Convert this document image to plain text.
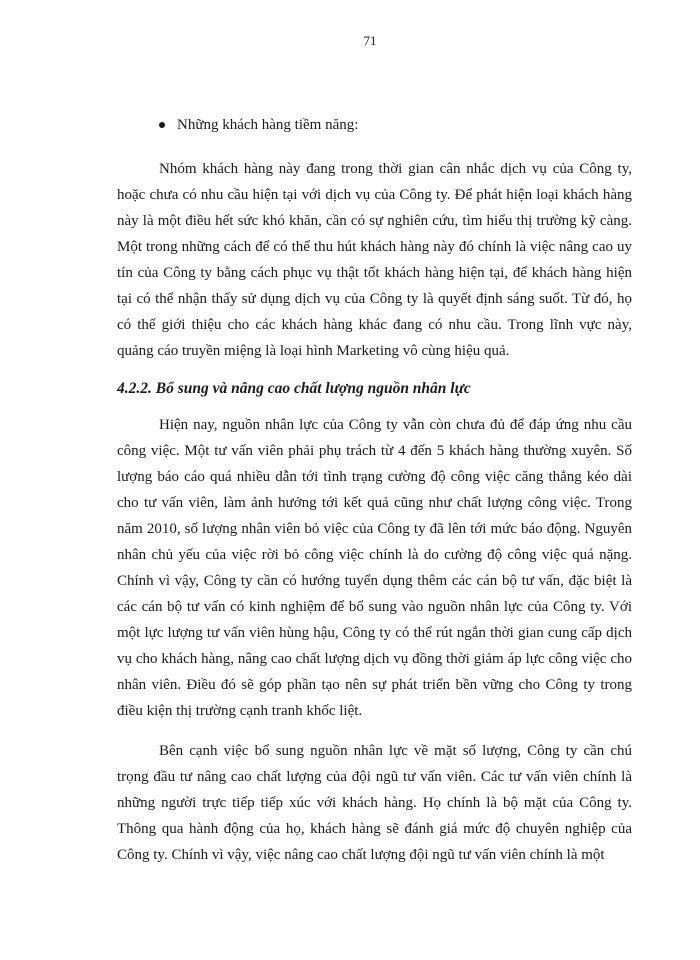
71
Những khách hàng tiềm năng:

Nhóm khách hàng này đang trong thời gian cân nhắc dịch vụ của Công ty, hoặc chưa có nhu cầu hiện tại với dịch vụ của Công ty. Để phát hiện loại khách hàng này là một điều hết sức khó khăn, cần có sự nghiên cứu, tìm hiểu thị trường kỹ càng. Một trong những cách để có thể thu hút khách hàng này đó chính là việc nâng cao uy tín của Công ty bằng cách phục vụ thật tốt khách hàng hiện tại, để khách hàng hiện tại có thể nhận thấy sử dụng dịch vụ của Công ty là quyết định sáng suốt. Từ đó, họ có thể giới thiệu cho các khách hàng khác đang có nhu cầu. Trong lĩnh vực này, quảng cáo truyền miệng là loại hình Marketing vô cùng hiệu quả.

4.2.2. Bổ sung và nâng cao chất lượng nguồn nhân lực

Hiện nay, nguồn nhân lực của Công ty vẫn còn chưa đủ để đáp ứng nhu cầu công việc. Một tư vấn viên phải phụ trách từ 4 đến 5 khách hàng thường xuyên. Số lượng báo cáo quá nhiều dẫn tới tình trạng cường độ công việc căng thẳng kéo dài cho tư vấn viên, làm ảnh hưởng tới kết quả cũng như chất lượng công việc. Trong năm 2010, số lượng nhân viên bỏ việc của Công ty đã lên tới mức báo động. Nguyên nhân chủ yếu của việc rời bỏ công việc chính là do cường độ công việc quá nặng. Chính vì vậy, Công ty cần có hướng tuyển dụng thêm các cán bộ tư vấn, đặc biệt là các cán bộ tư vấn có kinh nghiệm để bổ sung vào nguồn nhân lực của Công ty. Với một lực lượng tư vấn viên hùng hậu, Công ty có thể rút ngắn thời gian cung cấp dịch vụ cho khách hàng, nâng cao chất lượng dịch vụ đồng thời giảm áp lực công việc cho nhân viên. Điều đó sẽ góp phần tạo nên sự phát triển bền vững cho Công ty trong điều kiện thị trường cạnh tranh khốc liệt.

Bên cạnh việc bổ sung nguồn nhân lực về mặt số lượng, Công ty cần chú trọng đầu tư nâng cao chất lượng của đội ngũ tư vấn viên. Các tư vấn viên chính là những người trực tiếp tiếp xúc với khách hàng. Họ chính là bộ mặt của Công ty. Thông qua hành động của họ, khách hàng sẽ đánh giá mức độ chuyên nghiệp của Công ty. Chính vì vậy, việc nâng cao chất lượng đội ngũ tư vấn viên chính là một
